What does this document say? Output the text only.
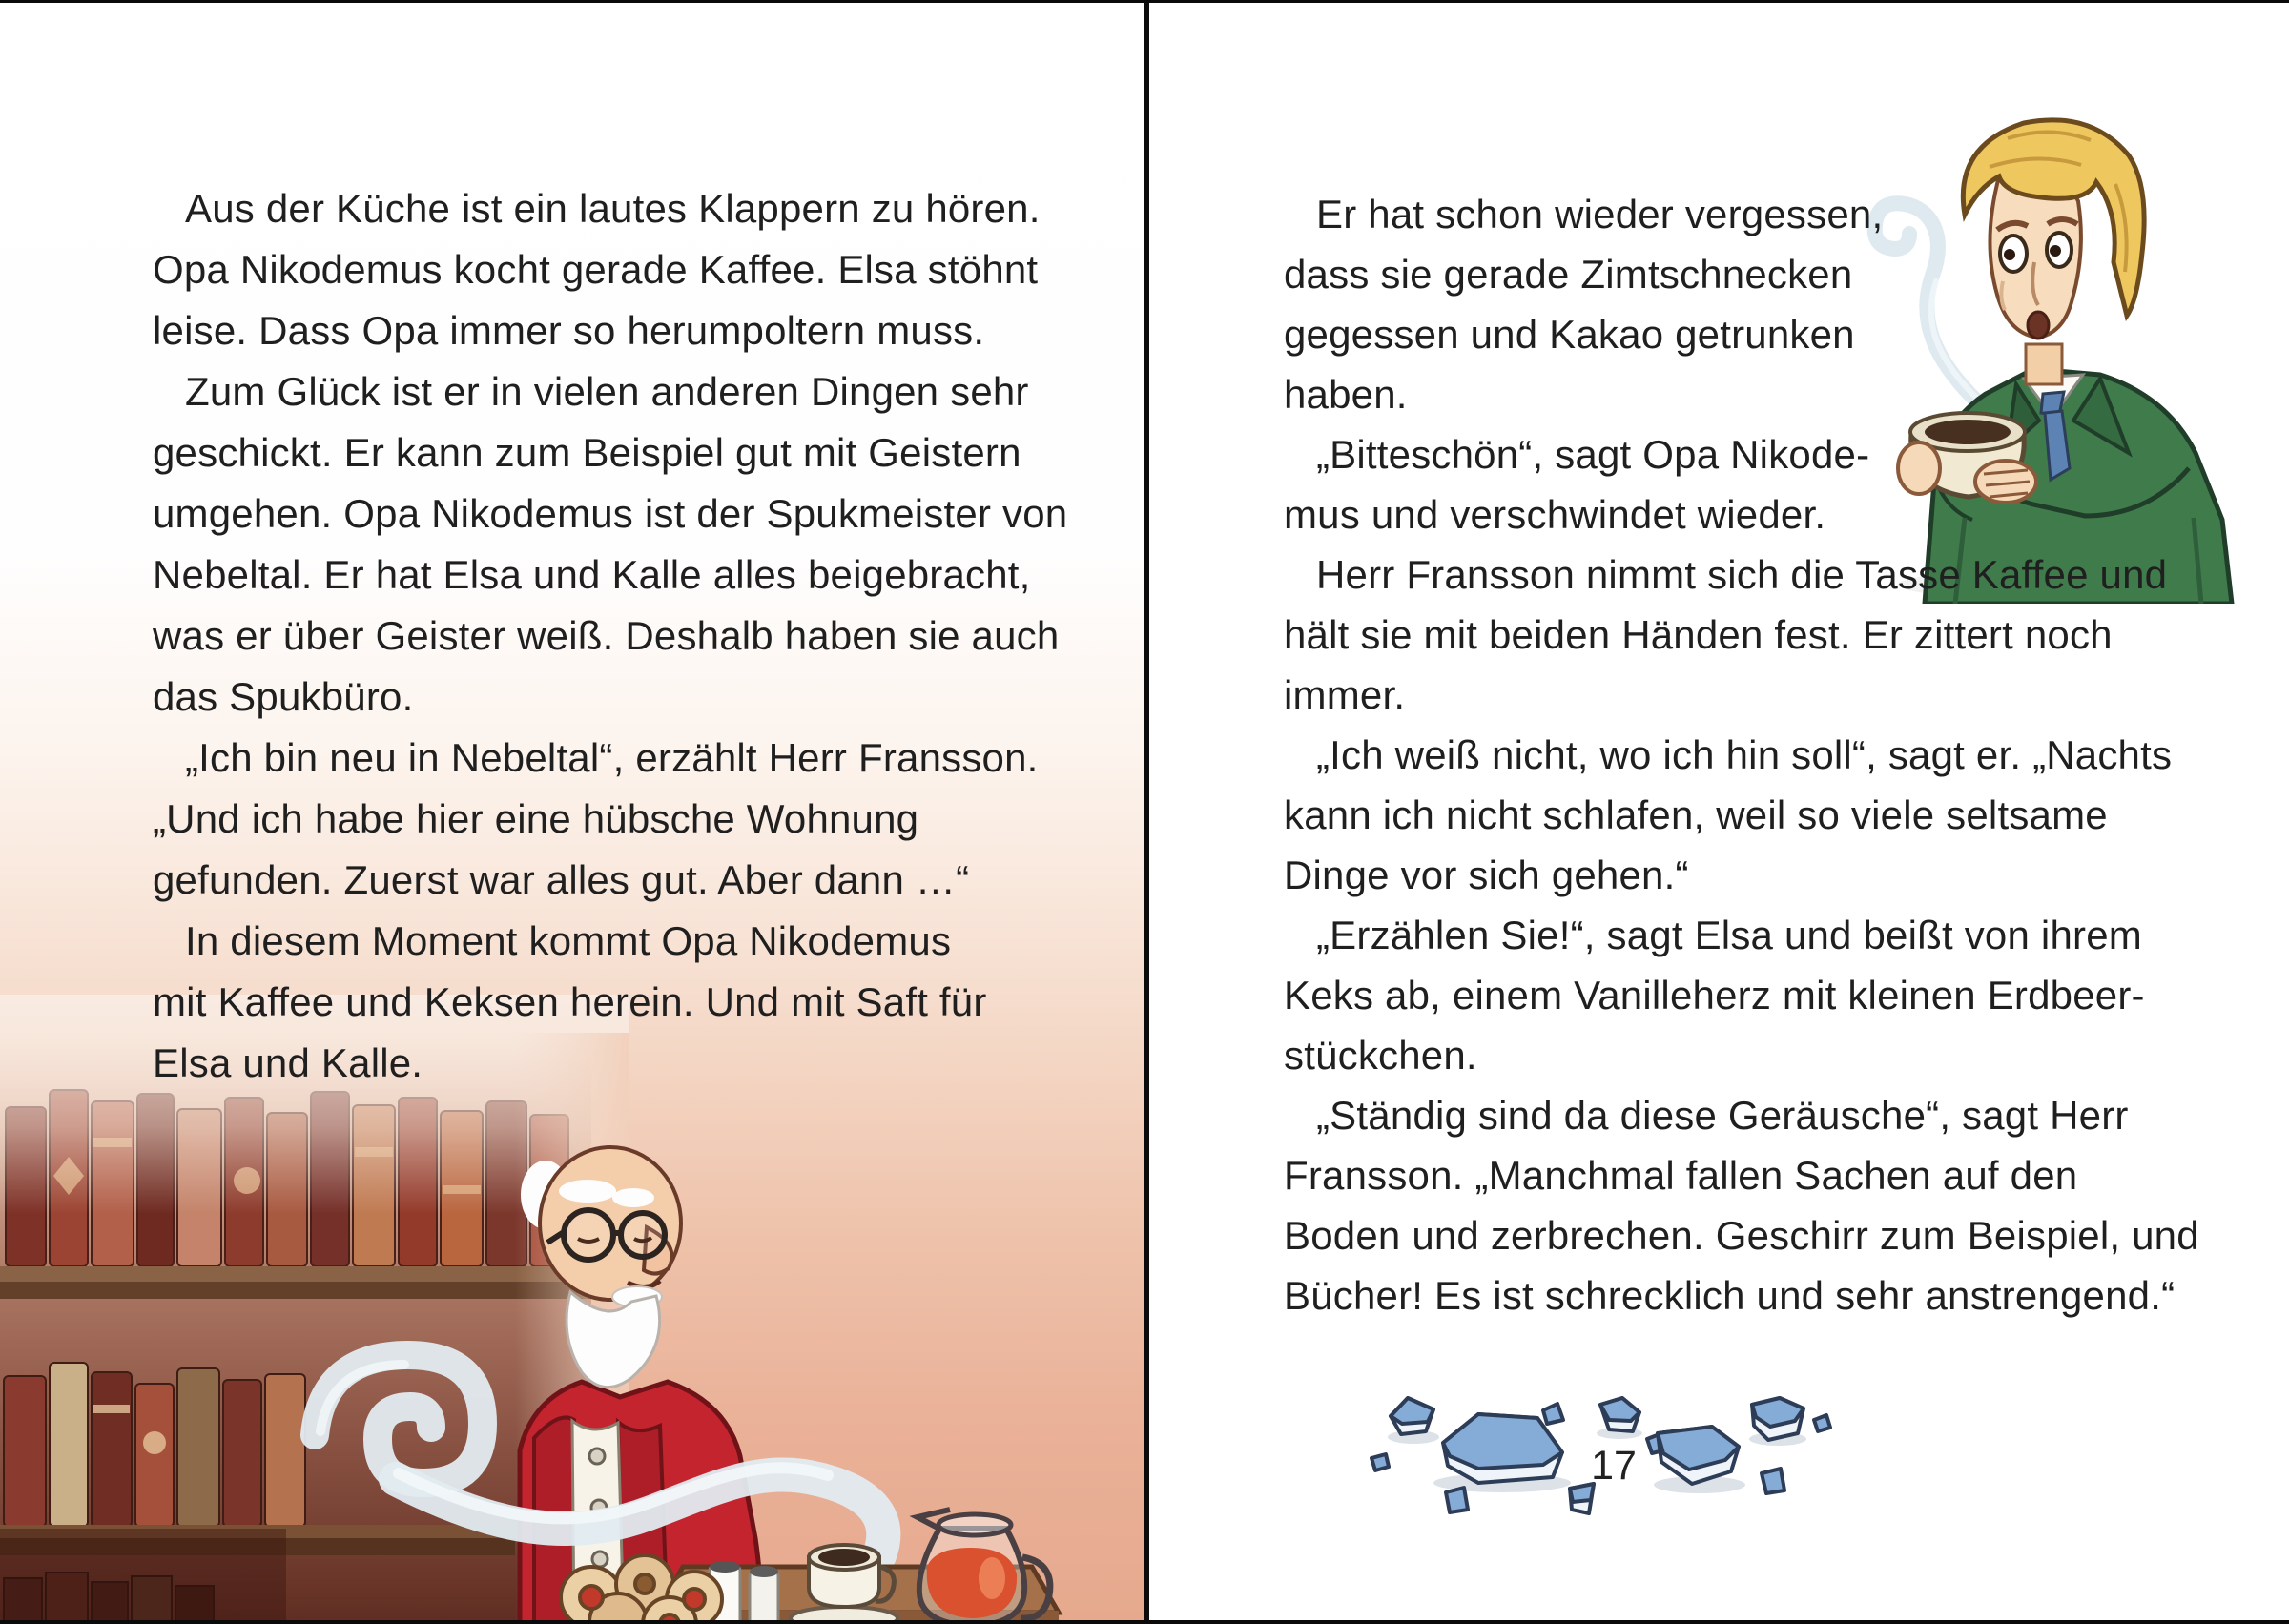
Aus der Küche ist ein lautes Klappern zu hören.
Opa Nikodemus kocht gerade Kaffee. Elsa stöhnt
leise. Dass Opa immer so herumpoltern muss.
Zum Glück ist er in vielen anderen Dingen sehr
geschickt. Er kann zum Beispiel gut mit Geistern
umgehen. Opa Nikodemus ist der Spukmeister von
Nebeltal. Er hat Elsa und Kalle alles beigebracht,
was er über Geister weiß. Deshalb haben sie auch
das Spukbüro.
„Ich bin neu in Nebeltal“, erzählt Herr Fransson.
„Und ich habe hier eine hübsche Wohnung
gefunden. Zuerst war alles gut. Aber dann …“
In diesem Moment kommt Opa Nikodemus
mit Kaffee und Keksen herein. Und mit Saft für
Elsa und Kalle.
17
Er hat schon wieder vergessen,
dass sie gerade Zimtschnecken
gegessen und Kakao getrunken
haben.
„Bitteschön“, sagt Opa Nikode-
mus und verschwindet wieder.
Herr Fransson nimmt sich die Tasse Kaffee und
hält sie mit beiden Händen fest. Er zittert noch
immer.
„Ich weiß nicht, wo ich hin soll“, sagt er. „Nachts
kann ich nicht schlafen, weil so viele seltsame
Dinge vor sich gehen.“
„Erzählen Sie!“, sagt Elsa und beißt von ihrem
Keks ab, einem Vanilleherz mit kleinen Erdbeer-
stückchen.
„Ständig sind da diese Geräusche“, sagt Herr
Fransson. „Manchmal fallen Sachen auf den
Boden und zerbrechen. Geschirr zum Beispiel, und
Bücher! Es ist schrecklich und sehr anstrengend.“
